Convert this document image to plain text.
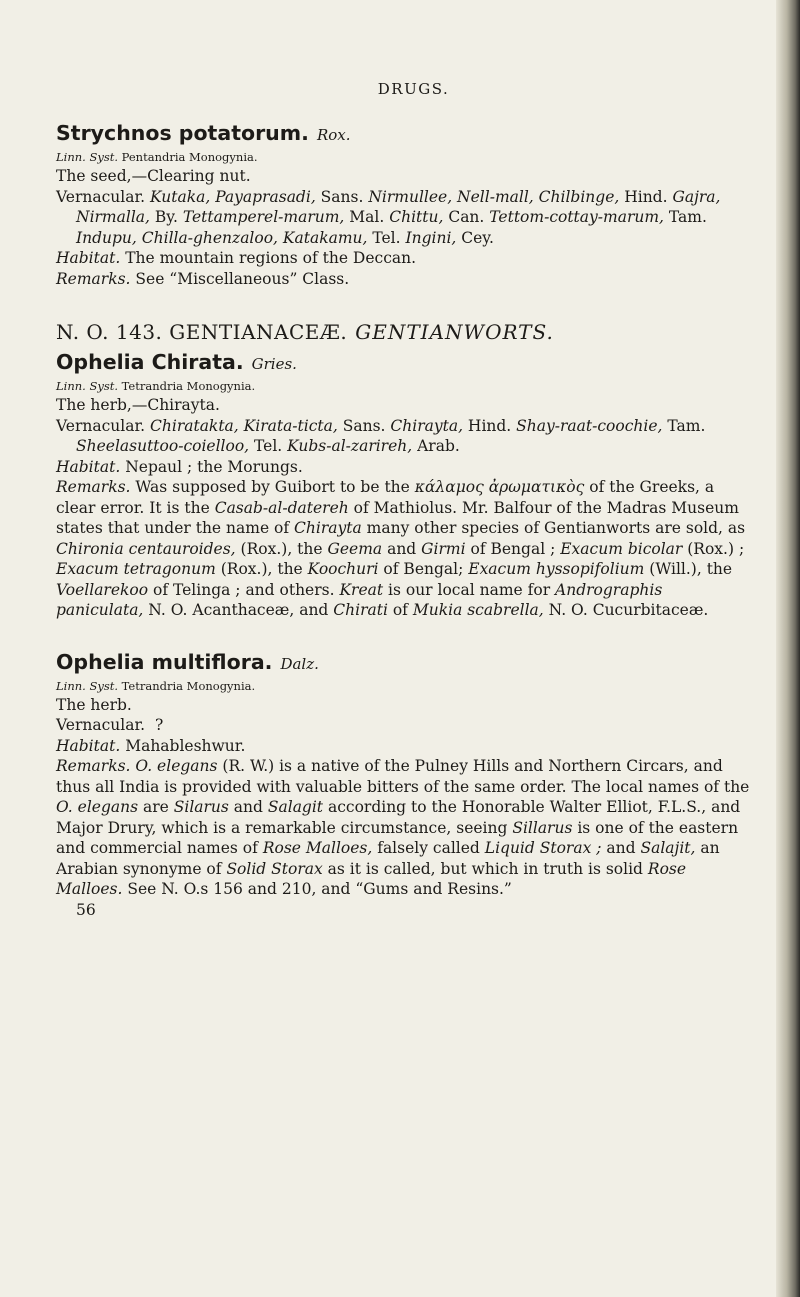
DRUGS.
Strychnos potatorum. Rox.
Linn. Syst. Pentandria Monogynia.
The seed,—Clearing nut.
Vernacular. Kutaka, Payaprasadi, Sans. Nirmullee, Nell-mall, Chilbinge, Hind. Gajra, Nirmalla, By. Tettamperel-marum, Mal. Chittu, Can. Tettom-cottay-marum, Tam. Indupu, Chilla-ghenzaloo, Katakamu, Tel. Ingini, Cey.
Habitat. The mountain regions of the Deccan.
Remarks. See “Miscellaneous” Class.
N. O. 143. GENTIANACEÆ. GENTIANWORTS.
Ophelia Chirata. Gries.
Linn. Syst. Tetrandria Monogynia.
The herb,—Chirayta.
Vernacular. Chiratakta, Kirata-ticta, Sans. Chirayta, Hind. Shay-raat-coochie, Tam. Sheelasuttoo-coielloo, Tel. Kubs-al-zarireh, Arab.
Habitat. Nepaul ; the Morungs.
Remarks. Was supposed by Guibort to be the κάλαμος ἀρωματικὸς of the Greeks, a clear error. It is the Casab-al-datereh of Mathiolus. Mr. Balfour of the Madras Museum states that under the name of Chirayta many other species of Gentianworts are sold, as Chironia centauroides, (Rox.), the Geema and Girmi of Bengal ; Exacum bicolar (Rox.) ; Exacum tetragonum (Rox.), the Koochuri of Bengal; Exacum hyssopifolium (Will.), the Voellarekoo of Telinga ; and others. Kreat is our local name for Andrographis paniculata, N. O. Acanthaceæ, and Chirati of Mukia scabrella, N. O. Cucurbitaceæ.
Ophelia multiflora. Dalz.
Linn. Syst. Tetrandria Monogynia.
The herb.
Vernacular. ?
Habitat. Mahableshwur.
Remarks. O. elegans (R. W.) is a native of the Pulney Hills and Northern Circars, and thus all India is provided with valuable bitters of the same order. The local names of the O. elegans are Silarus and Salagit according to the Honorable Walter Elliot, F.L.S., and Major Drury, which is a remarkable circumstance, seeing Sillarus is one of the eastern and commercial names of Rose Malloes, falsely called Liquid Storax ; and Salajit, an Arabian synonyme of Solid Storax as it is called, but which in truth is solid Rose Malloes. See N. O.s 156 and 210, and “Gums and Resins.”
56
